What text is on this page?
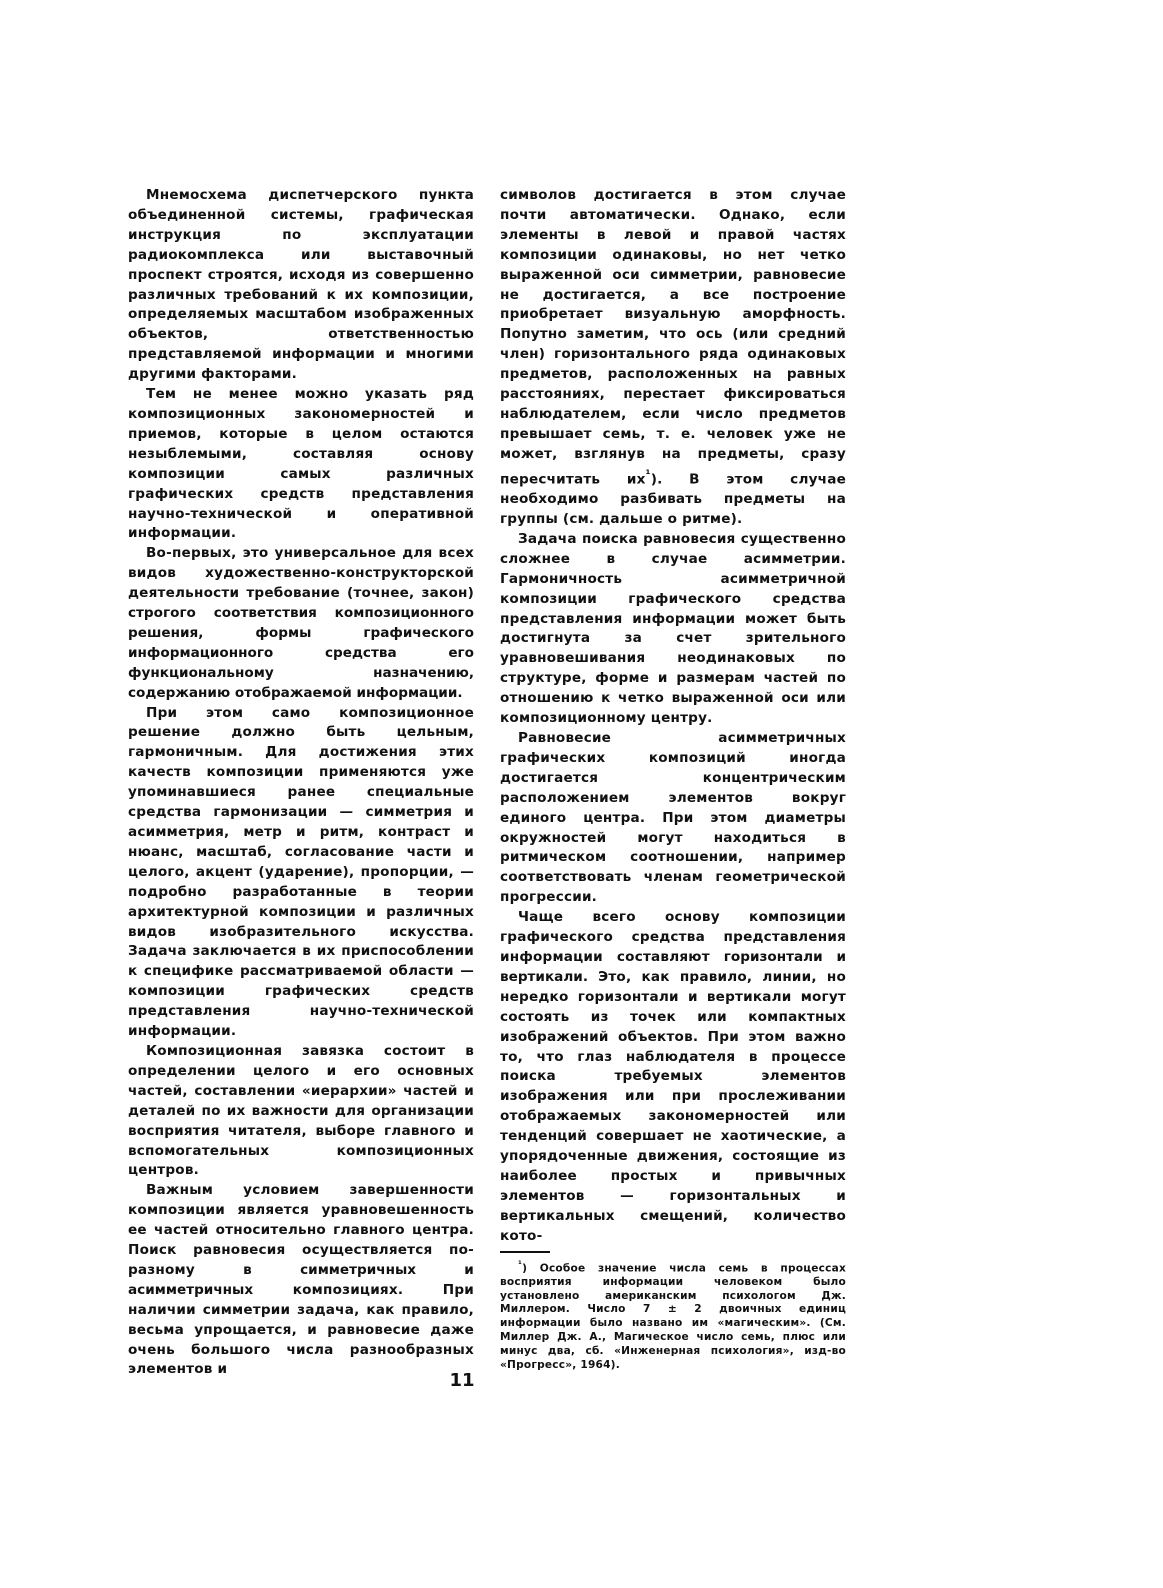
Мнемосхема диспетчерского пункта объединенной системы, графическая инструкция по эксплуатации радиокомплекса или выставочный проспект строятся, исходя из совершенно различных требований к их композиции, определяемых масштабом изображенных объектов, ответственностью представляемой информации и многими другими факторами.

Тем не менее можно указать ряд композиционных закономерностей и приемов, которые в целом остаются незыблемыми, составляя основу композиции самых различных графических средств представления научно-технической и оперативной информации.

Во-первых, это универсальное для всех видов художественно-конструкторской деятельности требование (точнее, закон) строгого соответствия композиционного решения, формы графического информационного средства его функциональному назначению, содержанию отображаемой информации.

При этом само композиционное решение должно быть цельным, гармоничным. Для достижения этих качеств композиции применяются уже упоминавшиеся ранее специальные средства гармонизации — симметрия и асимметрия, метр и ритм, контраст и нюанс, масштаб, согласование части и целого, акцент (ударение), пропорции, — подробно разработанные в теории архитектурной композиции и различных видов изобразительного искусства. Задача заключается в их приспособлении к специфике рассматриваемой области — композиции графических средств представления научно-технической информации.

Композиционная завязка состоит в определении целого и его основных частей, составлении «иерархии» частей и деталей по их важности для организации восприятия читателя, выборе главного и вспомогательных композиционных центров.

Важным условием завершенности композиции является уравновешенность ее частей относительно главного центра. Поиск равновесия осуществляется по-разному в симметричных и асимметричных композициях. При наличии симметрии задача, как правило, весьма упрощается, и равновесие даже очень большого числа разнообразных элементов и

символов достигается в этом случае почти автоматически. Однако, если элементы в левой и правой частях композиции одинаковы, но нет четко выраженной оси симметрии, равновесие не достигается, а все построение приобретает визуальную аморфность. Попутно заметим, что ось (или средний член) горизонтального ряда одинаковых предметов, расположенных на равных расстояниях, перестает фиксироваться наблюдателем, если число предметов превышает семь, т. е. человек уже не может, взглянув на предметы, сразу пересчитать $их^{^1}$). В этом случае необходимо разбивать предметы на группы (см. дальше о ритме).

Задача поиска равновесия существенно сложнее в случае асимметрии. Гармоничность асимметричной композиции графического средства представления информации может быть достигнута за счет зрительного уравновешивания неодинаковых по структуре, форме и размерам частей по отношению к четко выраженной оси или композиционному центру.

Равновесие асимметричных графических композиций иногда достигается концентрическим расположением элементов вокруг единого центра. При этом диаметры окружностей могут находиться в ритмическом соотношении, например соответствовать членам геометрической прогрессии.

Чаще всего основу композиции графического средства представления информации составляют горизонтали и вертикали. Это, как правило, линии, но нередко горизонтали и вертикали могут состоять из точек или компактных изображений объектов. При этом важно то, что глаз наблюдателя в процессе поиска требуемых элементов изображения или при прослеживании отображаемых закономерностей или тенденций совершает не хаотические, а упорядоченные движения, состоящие из наиболее простых и привычных элементов — горизонтальных и вертикальных смещений, количество кото-

$^{^1}$) Особое значение числа семь в процессах восприятия информации человеком было установлено американским психологом Дж. Миллером. Число 7 ± 2 двоичных единиц информации было названо им «магическим». (См. Миллер Дж. А., Магическое число семь, плюс или минус два, сб. «Инженерная психология», изд-во «Прогресс», 1964).

11
